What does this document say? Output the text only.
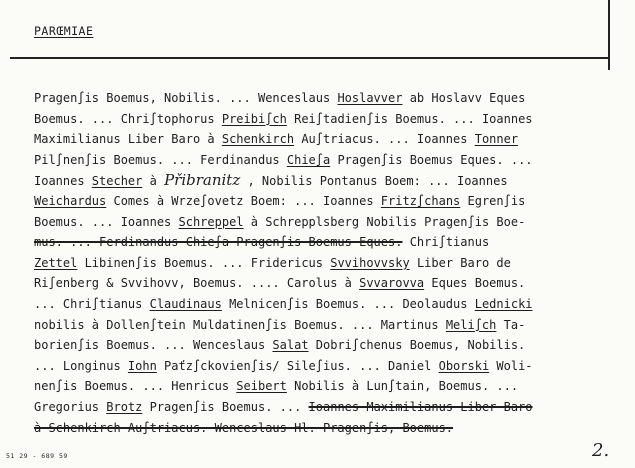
PARŒMIAE
Pragen∫is Boemus, Nobilis. ... Wenceslaus Hoslavver ab Hoslavv Eques
Boemus. ... Chri∫tophorus Preibi∫ch Rei∫tadien∫is Boemus. ... Ioannes
Maximilianus Liber Baro à Schenkirch Au∫triacus. ... Ioannes Tonner
Pil∫nen∫is Boemus. ... Ferdinandus Chie∫a Pragen∫is Boemus Eques. ...
Ioannes Stecher à Přibranitz , Nobilis Pontanus Boem: ... Ioannes
Weichardus Comes à Wrze∫ovetz Boem: ... Ioannes Fritz∫chans Egren∫is
Boemus. ... Ioannes Schreppel à Schrepplsberg Nobilis Pragen∫is Boe-
mus. ... Ferdinandus Chie∫a Pragen∫is Boemus Eques. Chri∫tianus
Zettel Libinen∫is Boemus. ... Fridericus Svvihovvsky Liber Baro de
Ri∫enberg & Svvihovv, Boemus. .... Carolus à Svvarovva Eques Boemus.
... Chri∫tianus Claudinaus Melnicen∫is Boemus. ... Deolaudus Lednicki
nobilis à Dollen∫tein Muldatinen∫is Boemus. ... Martinus Meli∫ch Ta-
borien∫is Boemus. ... Wenceslaus Salat Dobri∫chenus Boemus, Nobilis.
... Longinus Iohn Paťz∫ckovien∫is/ Sile∫ius. ... Daniel Oborski Woli-
nen∫is Boemus. ... Henricus Seibert Nobilis à Lun∫tain, Boemus. ...
Gregorius Brotz Pragen∫is Boemus. ... Ioannes Maximilianus Liber Baro
à Schenkirch Au∫triacus. Wenceslaus Hl. Pragen∫is, Boemus.
51 29 - 689 59	2.
